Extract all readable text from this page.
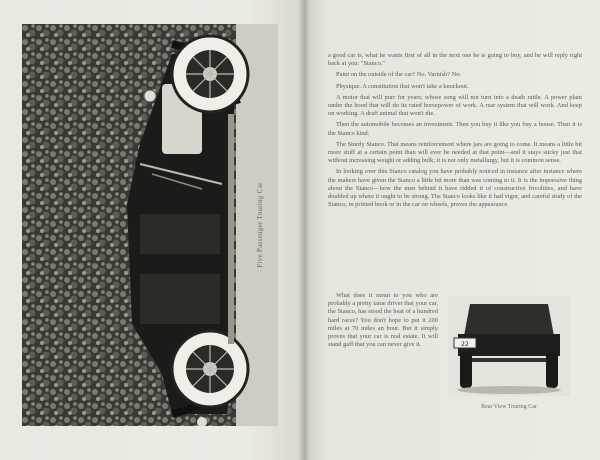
Five Passenger Touring Car

a good car is, what he wants first of all in the next one he is going to buy, and he will reply right back at you: "Stanco."

Paint on the outside of the car? No. Varnish? No.

Physique. A constitution that won't take a knockout.

A motor that will purr for years; whose song will not turn into a death rattle. A power plant under the hood that will do its rated horsepower of work. A rear system that will work. And keep on working. A draft animal that won't die.

Then the automobile becomes an investment. Then you buy it like you buy a house. Then it is the Stanco kind.

The Sturdy Stanco. That means reinforcement where jars are going to come. It means a little bit more stuff at a certain point than will ever be needed at that point—and it stays sticky just that without increasing weight or adding bulk; it is not only metallurgy, but it is common sense.

In looking over this Stanco catalog you have probably noticed in instance after instance where the makers have given the Stanco a little bit more than was coming to it. It is the impressive thing about the Stanco—how the men behind it have ridded it of constructive frivolities, and have doubled up where it ought to be strong. The Stanco looks like it had vigor, and careful study of the Stanco, in printed book or in the car on wheels, proves the appearance.

What does it mean to you who are probably a pretty tame driver that your car, the Stanco, has stood the heat of a hundred hard races? You don't hope to put it 200 miles at 70 miles an hour. But it simply proves that your car is real estate. It will stand gaff that you can never give it.	22
Rear View Touring Car
